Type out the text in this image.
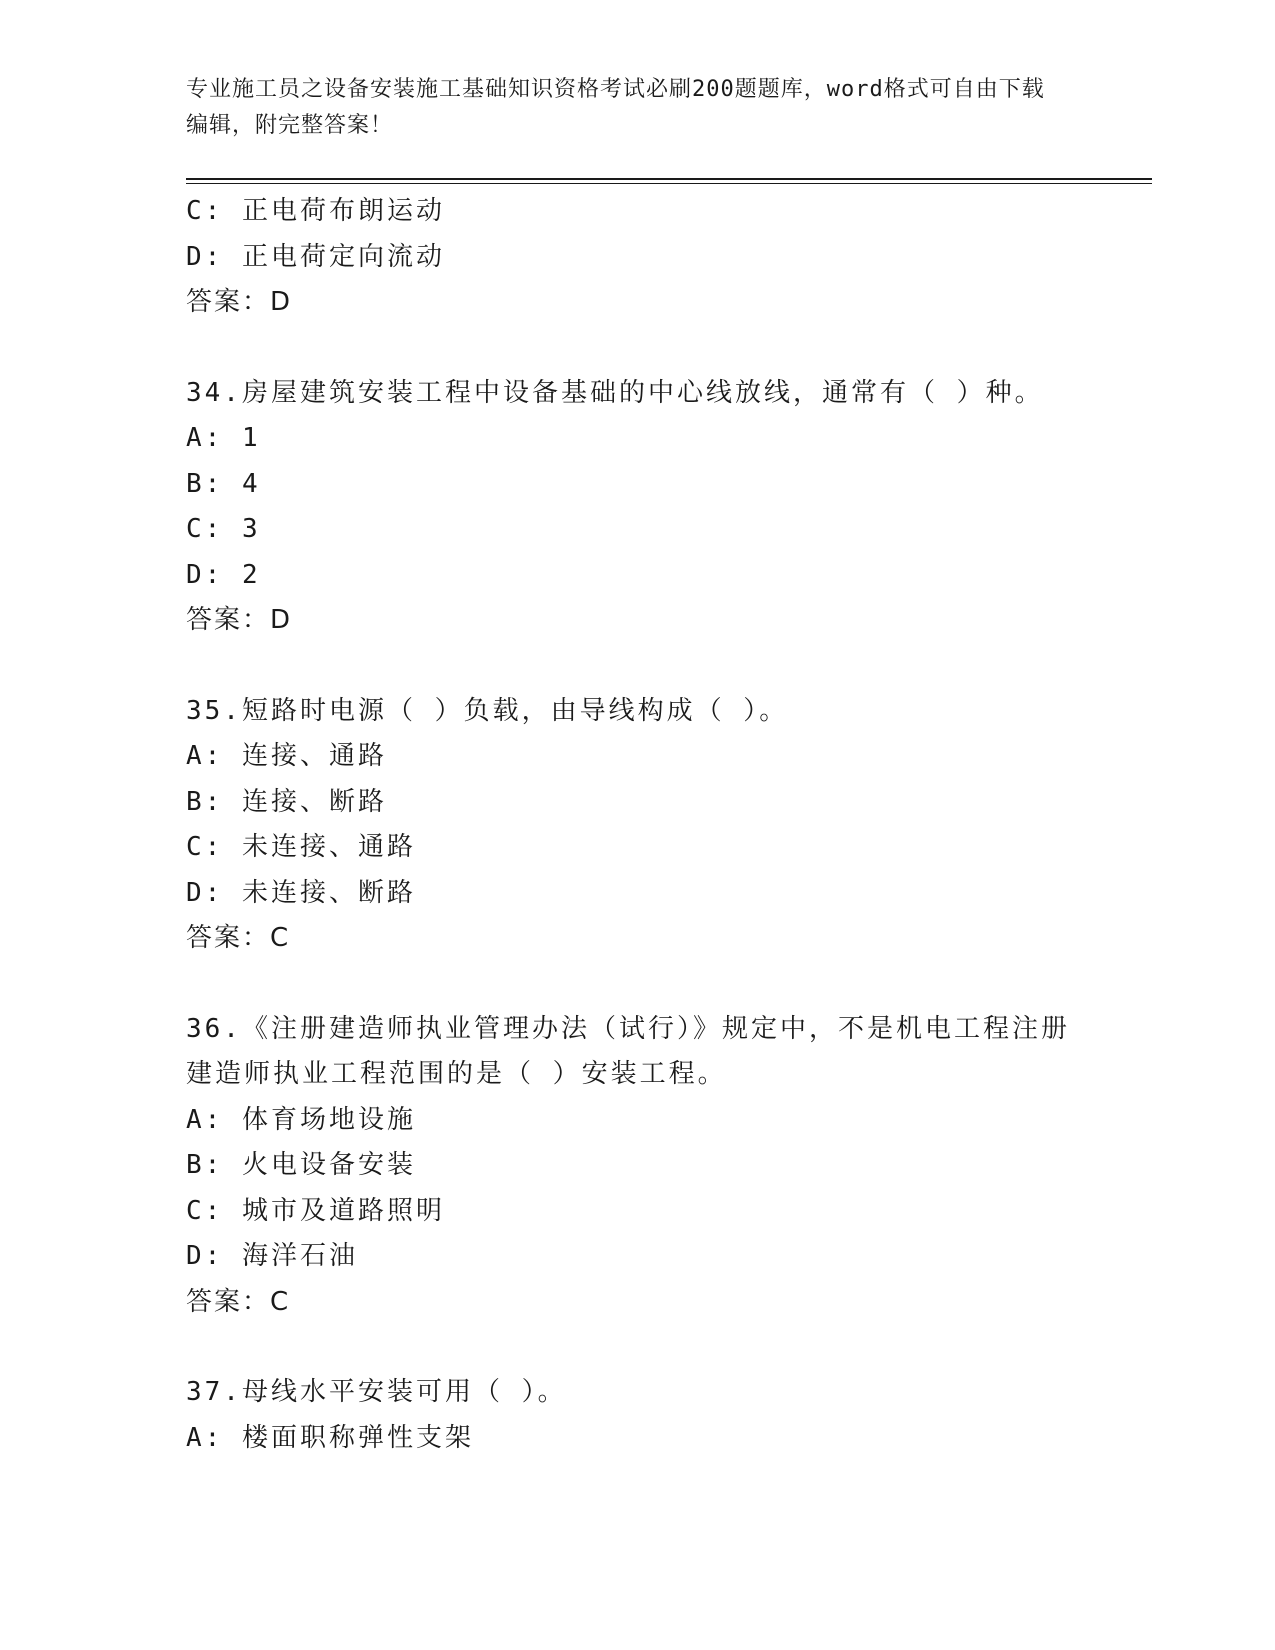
专业施工员之设备安装施工基础知识资格考试必刷200题题库，word格式可自由下载编辑，附完整答案！
C: 正电荷布朗运动
D: 正电荷定向流动
答案：D
34.房屋建筑安装工程中设备基础的中心线放线，通常有（ ）种。
A: 1
B: 4
C: 3
D: 2
答案：D
35.短路时电源（ ）负载，由导线构成（ ）。
A: 连接、通路
B: 连接、断路
C: 未连接、通路
D: 未连接、断路
答案：C
36.《注册建造师执业管理办法（试行）》规定中，不是机电工程注册建造师执业工程范围的是（ ）安装工程。
A: 体育场地设施
B: 火电设备安装
C: 城市及道路照明
D: 海洋石油
答案：C
37.母线水平安装可用（ ）。
A: 楼面职称弹性支架
